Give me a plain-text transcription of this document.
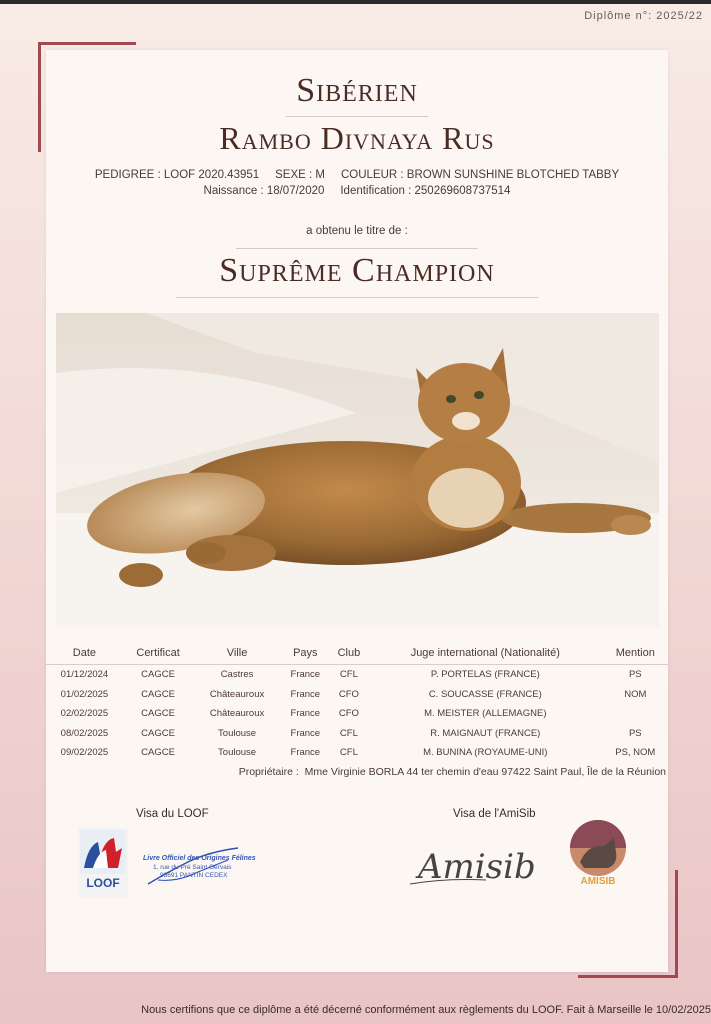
Diplôme n°: 2025/22
Sibérien
Rambo Divnaya Rus
PEDIGREE : LOOF 2020.43951     SEXE : M     COULEUR : BROWN SUNSHINE BLOTCHED TABBY
Naissance : 18/07/2020     Identification : 250269608737514
a obtenu le titre de :
Suprême Champion
Date	Certificat	Ville	Pays	Club	Juge international (Nationalité)	Mention
01/12/2024	CAGCE	Castres	France	CFL	P. PORTELAS (FRANCE)	PS
01/02/2025	CAGCE	Châteauroux	France	CFO	C. SOUCASSE (FRANCE)	NOM
02/02/2025	CAGCE	Châteauroux	France	CFO	M. MEISTER (ALLEMAGNE)	
08/02/2025	CAGCE	Toulouse	France	CFL	R. MAIGNAUT (FRANCE)	PS
09/02/2025	CAGCE	Toulouse	France	CFL	M. BUNINA (ROYAUME-UNI)	PS, NOM
Propriétaire :  Mme Virginie BORLA 44 ter chemin d'eau 97422 Saint Paul, Île de la Réunion
Visa du LOOF	Visa de l'AmiSib
LOOF
Livre Officiel des Origines Félines
1, rue du Pré Saint Gervais
93691 PANTIN CEDEX	Amisib	AMISIB
Nous certifions que ce diplôme a été décerné conformément aux règlements du LOOF. Fait à Marseille le 10/02/2025
